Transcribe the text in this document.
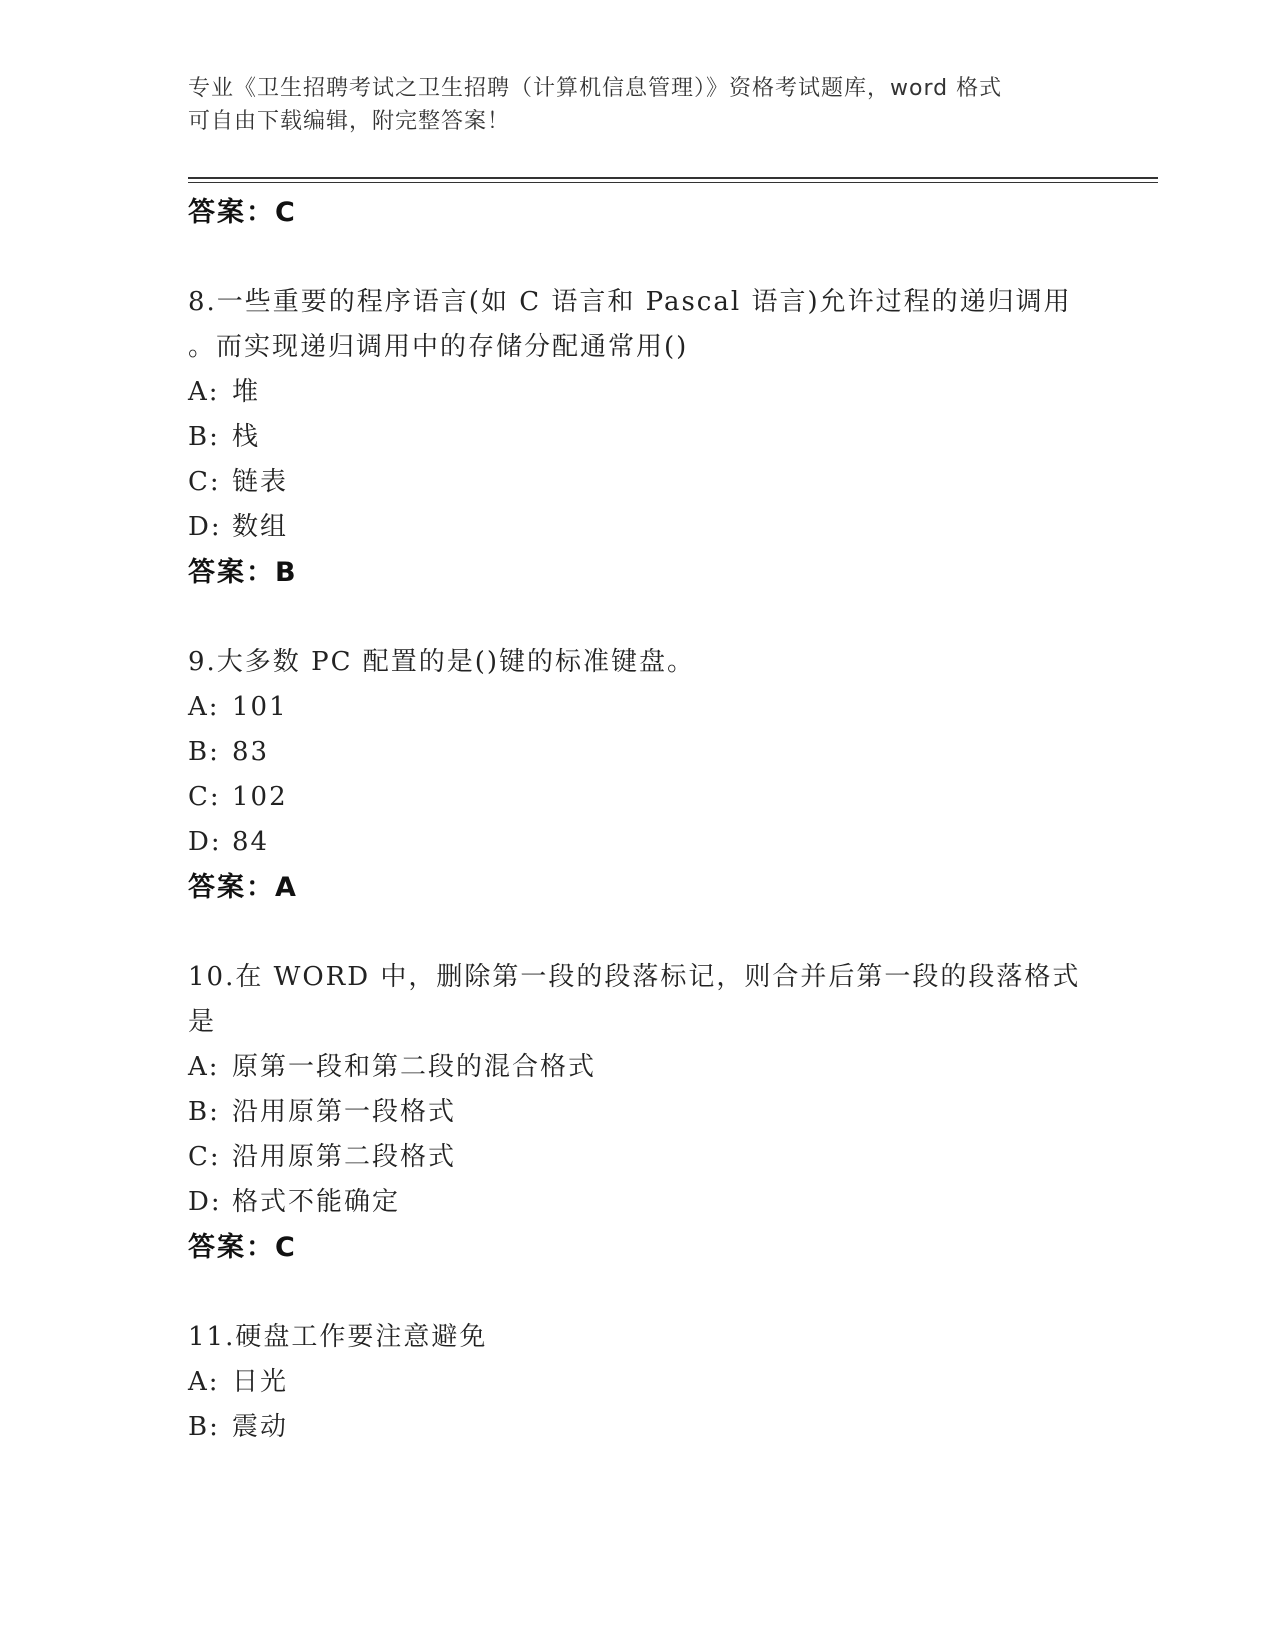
专业《卫生招聘考试之卫生招聘（计算机信息管理）》资格考试题库，word 格式
可自由下载编辑，附完整答案！
答案：C
8.一些重要的程序语言(如 C 语言和 Pascal 语言)允许过程的递归调用
。而实现递归调用中的存储分配通常用()
A: 堆
B: 栈
C: 链表
D: 数组
答案：B
9.大多数 PC 配置的是()键的标准键盘。
A: 101
B: 83
C: 102
D: 84
答案：A
10.在 WORD 中，删除第一段的段落标记，则合并后第一段的段落格式
是
A: 原第一段和第二段的混合格式
B: 沿用原第一段格式
C: 沿用原第二段格式
D: 格式不能确定
答案：C
11.硬盘工作要注意避免
A: 日光
B: 震动
